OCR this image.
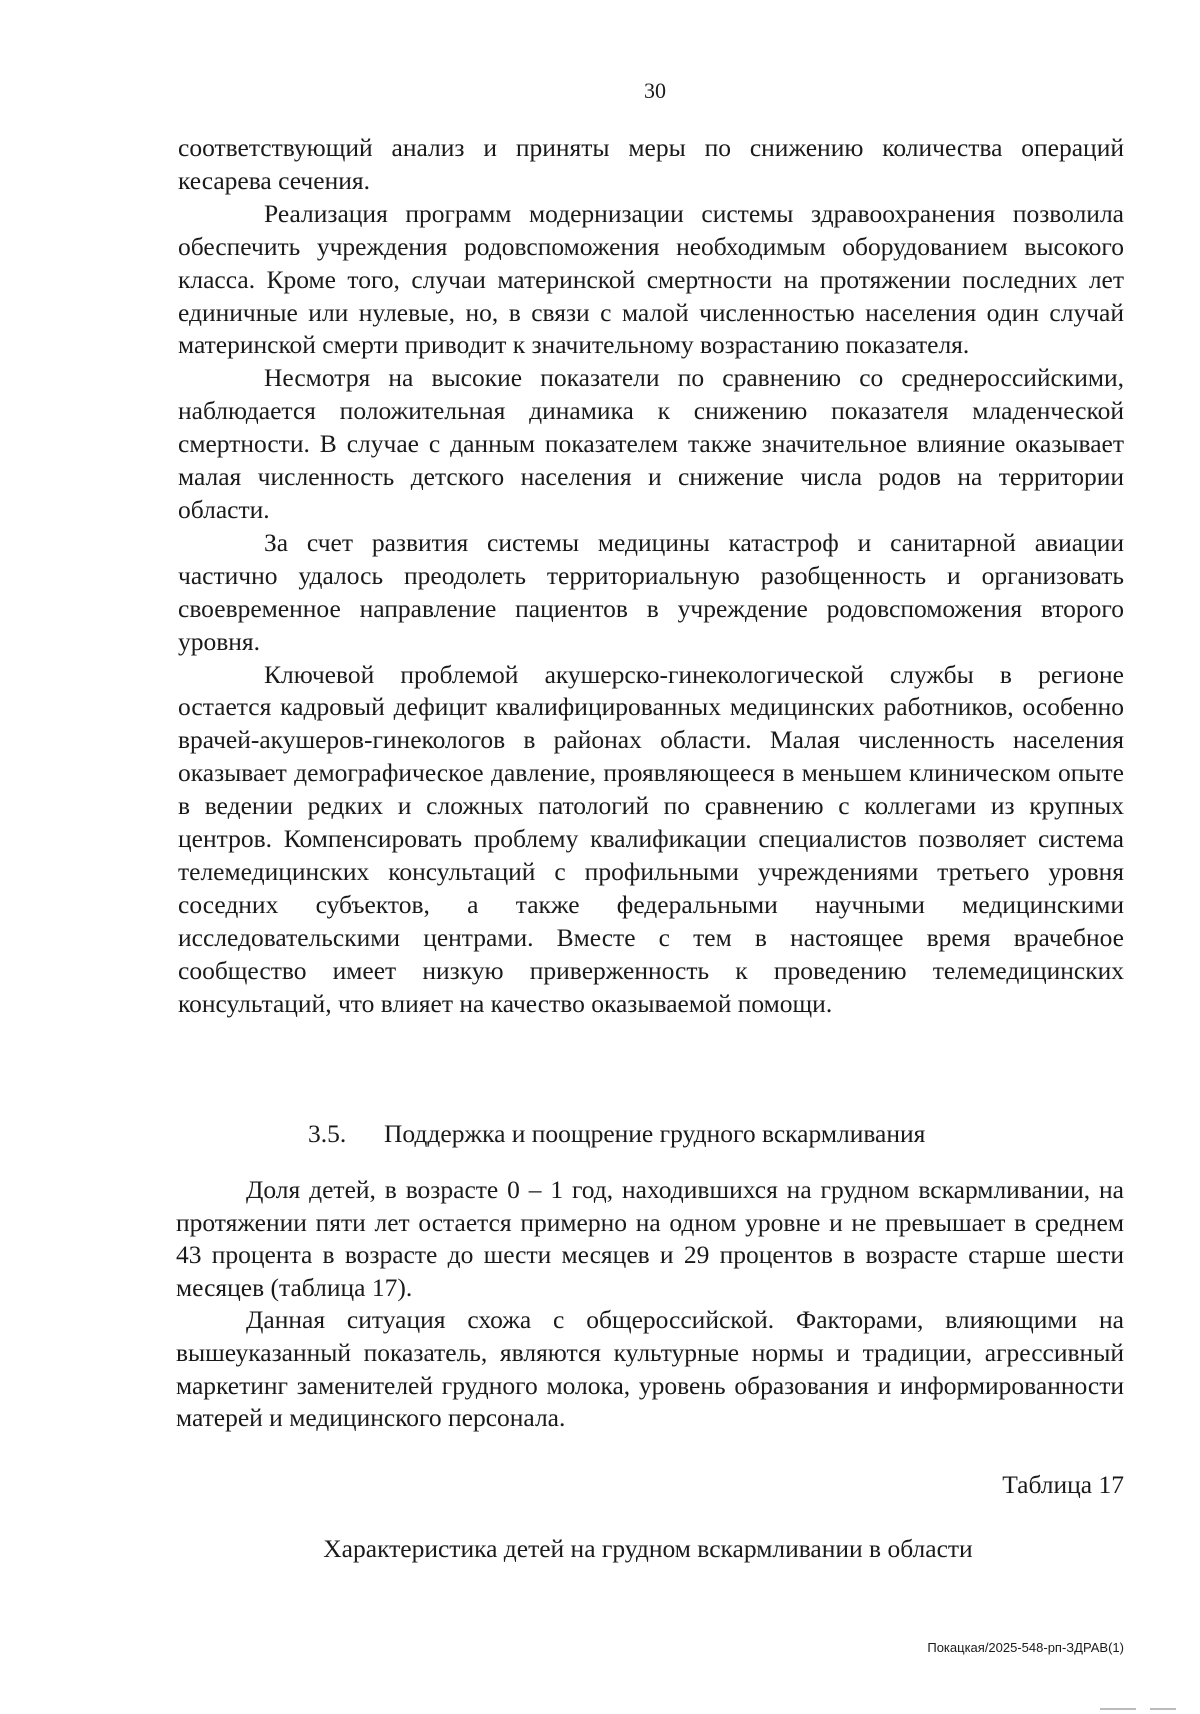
30

соответствующий анализ и приняты меры по снижению количества операций кесарева сечения.

Реализация программ модернизации системы здравоохранения позволила обеспечить учреждения родовспоможения необходимым оборудованием высокого класса. Кроме того, случаи материнской смертности на протяжении последних лет единичные или нулевые, но, в связи с малой численностью населения один случай материнской смерти приводит к значительному возрастанию показателя.

Несмотря на высокие показатели по сравнению со среднероссийскими, наблюдается положительная динамика к снижению показателя младенческой смертности. В случае с данным показателем также значительное влияние оказывает малая численность детского населения и снижение числа родов на территории области.

За счет развития системы медицины катастроф и санитарной авиации частично удалось преодолеть территориальную разобщенность и организовать своевременное направление пациентов в учреждение родовспоможения второго уровня.

Ключевой проблемой акушерско-гинекологической службы в регионе остается кадровый дефицит квалифицированных медицинских работников, особенно врачей-акушеров-гинекологов в районах области. Малая численность населения оказывает демографическое давление, проявляющееся в меньшем клиническом опыте в ведении редких и сложных патологий по сравнению с коллегами из крупных центров. Компенсировать проблему квалификации специалистов позволяет система телемедицинских консультаций с профильными учреждениями третьего уровня соседних субъектов, а также федеральными научными медицинскими исследовательскими центрами. Вместе с тем в настоящее время врачебное сообщество имеет низкую приверженность к проведению телемедицинских консультаций, что влияет на качество оказываемой помощи.

3.5. Поддержка и поощрение грудного вскармливания

Доля детей, в возрасте 0 – 1 год, находившихся на грудном вскармливании, на протяжении пяти лет остается примерно на одном уровне и не превышает в среднем 43 процента в возрасте до шести месяцев и 29 процентов в возрасте старше шести месяцев (таблица 17).

Данная ситуация схожа с общероссийской. Факторами, влияющими на вышеуказанный показатель, являются культурные нормы и традиции, агрессивный маркетинг заменителей грудного молока, уровень образования и информированности матерей и медицинского персонала.

Таблица 17
Характеристика детей на грудном вскармливании в области
Покацкая/2025-548-рп-ЗДРАВ(1)
